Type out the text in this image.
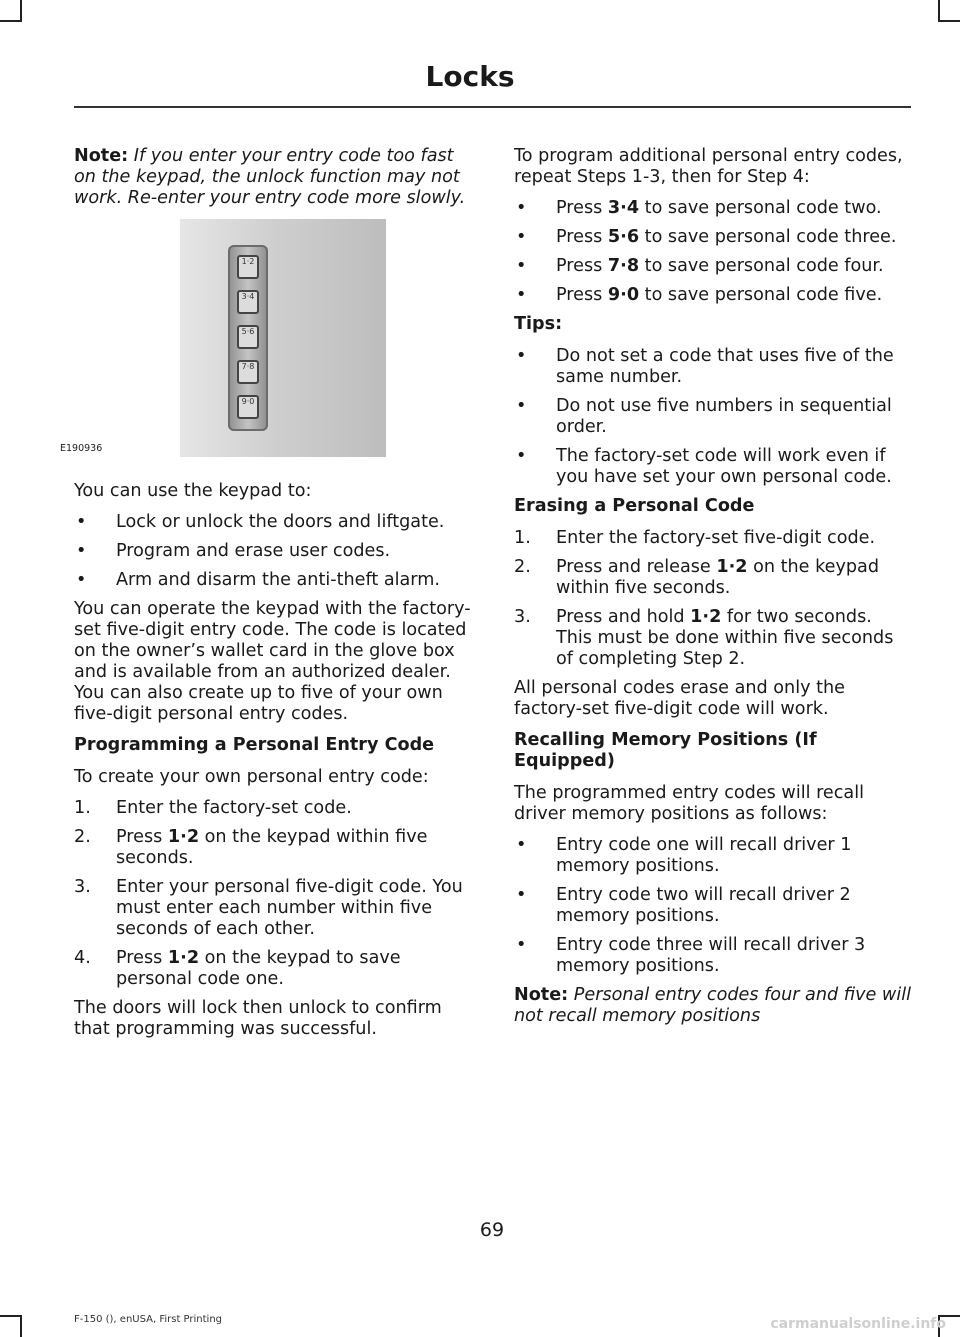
Locks

Note: If you enter your entry code too fast on the keypad, the unlock function may not work. Re-enter your entry code more slowly.

1·2
3·4
5·6
7·8
9·0
E190936

You can use the keypad to:

• Lock or unlock the doors and liftgate.
• Program and erase user codes.
• Arm and disarm the anti-theft alarm.

You can operate the keypad with the factory-set five-digit entry code. The code is located on the owner’s wallet card in the glove box and is available from an authorized dealer. You can also create up to five of your own five-digit personal entry codes.

Programming a Personal Entry Code

To create your own personal entry code:

1. Enter the factory-set code.
2. Press 1·2 on the keypad within five seconds.
3. Enter your personal five-digit code. You must enter each number within five seconds of each other.
4. Press 1·2 on the keypad to save personal code one.

The doors will lock then unlock to confirm that programming was successful.

To program additional personal entry codes, repeat Steps 1-3, then for Step 4:

• Press 3·4 to save personal code two.
• Press 5·6 to save personal code three.
• Press 7·8 to save personal code four.
• Press 9·0 to save personal code five.
Tips:
• Do not set a code that uses five of the same number.
• Do not use five numbers in sequential order.
• The factory-set code will work even if you have set your own personal code.
Erasing a Personal Code
1. Enter the factory-set five-digit code.
2. Press and release 1·2 on the keypad within five seconds.
3. Press and hold 1·2 for two seconds. This must be done within five seconds of completing Step 2.

All personal codes erase and only the factory-set five-digit code will work.

Recalling Memory Positions (If Equipped)

The programmed entry codes will recall driver memory positions as follows:

• Entry code one will recall driver 1 memory positions.
• Entry code two will recall driver 2 memory positions.
• Entry code three will recall driver 3 memory positions.

Note: Personal entry codes four and five will not recall memory positions

69
F-150 (), enUSA, First Printing	carmanualsonline.info
